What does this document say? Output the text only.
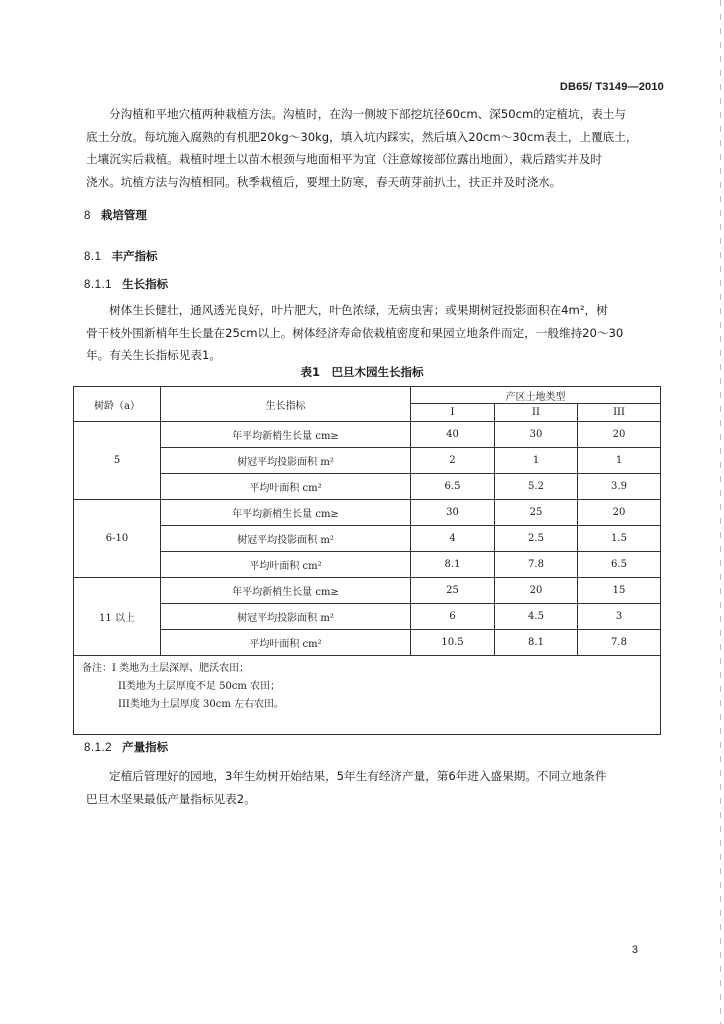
DB65/ T3149—2010

分沟植和平地穴植两种栽植方法。沟植时，在沟一侧坡下部挖坑径60cm、深50cm的定植坑，表土与

底土分放。每坑施入腐熟的有机肥20kg～30kg，填入坑内踩实，然后填入20cm～30cm表土，上覆底土，

土壤沉实后栽植。栽植时埋土以苗木根颈与地面相平为宜（注意嫁接部位露出地面），栽后踏实并及时

浇水。坑植方法与沟植相同。秋季栽植后，要埋土防寒，春天萌芽前扒土，扶正并及时浇水。

8 栽培管理
8.1 丰产指标
8.1.1 生长指标

树体生长健壮，通风透光良好，叶片肥大，叶色浓绿，无病虫害；或果期树冠投影面积在4m²，树

骨干枝外围新梢年生长量在25cm以上。树体经济寿命依栽植密度和果园立地条件而定，一般维持20～30

年。有关生长指标见表1。

表1　巴旦木园生长指标
树龄（a）	生长指标	产区土地类型		
		I	II	III
5	年平均新梢生长量 cm≥	40	30	20
	树冠平均投影面积 m²	2	1	1
	平均叶面积 cm²	6.5	5.2	3.9
6-10	年平均新梢生长量 cm≥	30	25	20
	树冠平均投影面积 m²	4	2.5	1.5
	平均叶面积 cm²	8.1	7.8	6.5
11 以上	年平均新梢生长量 cm≥	25	20	15
	树冠平均投影面积 m²	6	4.5	3
	平均叶面积 cm²	10.5	8.1	7.8

备注：I 类地为土层深厚、肥沃农田；
II类地为土层厚度不足 50cm 农田；
III类地为土层厚度 30cm 左右农田。				
8.1.2 产量指标

定植后管理好的园地，3年生幼树开始结果，5年生有经济产量，第6年进入盛果期。不同立地条件

巴旦木坚果最低产量指标见表2。

3
